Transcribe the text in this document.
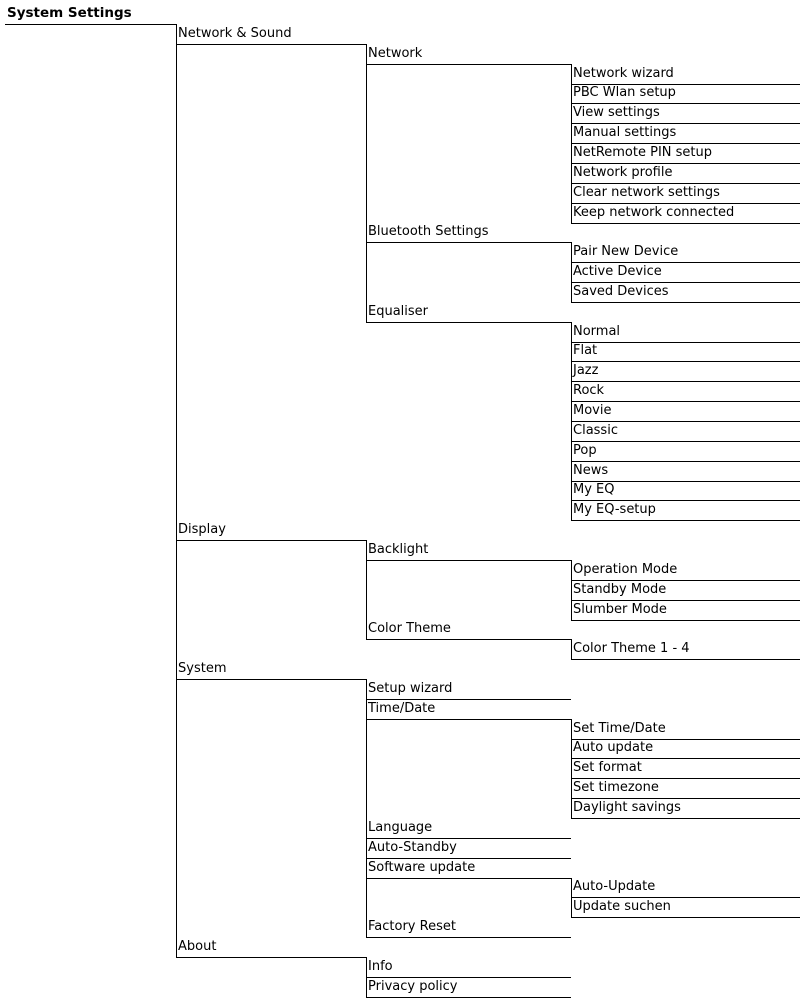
System Settings
Network & Sound
Network
Network wizard
PBC Wlan setup
View settings
Manual settings
NetRemote PIN setup
Network profile
Clear network settings
Keep network connected
Bluetooth Settings
Pair New Device
Active Device
Saved Devices
Equaliser
Normal
Flat
Jazz
Rock
Movie
Classic
Pop
News
My EQ
My EQ-setup
Display
Backlight
Operation Mode
Standby Mode
Slumber Mode
Color Theme
Color Theme 1 - 4
System
Setup wizard
Time/Date
Set Time/Date
Auto update
Set format
Set timezone
Daylight savings
Language
Auto-Standby
Software update
Auto-Update
Update suchen
Factory Reset
About
Info
Privacy policy
